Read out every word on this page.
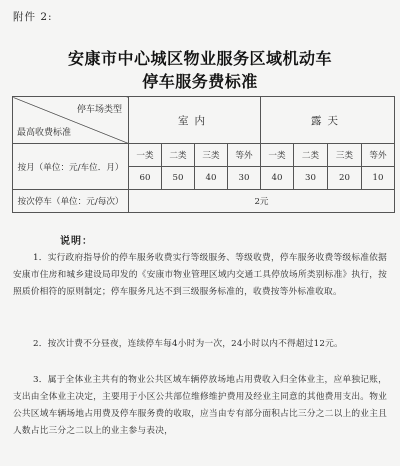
附件 2:
安康市中心城区物业服务区域机动车
停车服务费标准
停车场类型
最高收费标准	室内				露天			
按月（单位：元/车位．月）	一类	二类	三类	等外	一类	二类	三类	等外
	60	50	40	30	40	30	20	10
按次停车（单位：元/每次）	2元							
说明：
1．实行政府指导价的停车服务收费实行等级服务、等级收费，停车服务收费等级标准依据安康市住房和城乡建设局印发的《安康市物业管理区域内交通工具停放场所类别标准》执行，按照质价相符的原则制定；停车服务凡达不到三级服务标准的，收费按等外标准收取。
2．按次计费不分昼夜，连续停车每4小时为一次，24小时以内不得超过12元。
3．属于全体业主共有的物业公共区域车辆停放场地占用费收入归全体业主，应单独记账，支出由全体业主决定，主要用于小区公共部位维修维护费用及经业主同意的其他费用支出。物业公共区域车辆场地占用费及停车服务费的收取，应当由专有部分面积占比三分之二以上的业主且人数占比三分之二以上的业主参与表决，
